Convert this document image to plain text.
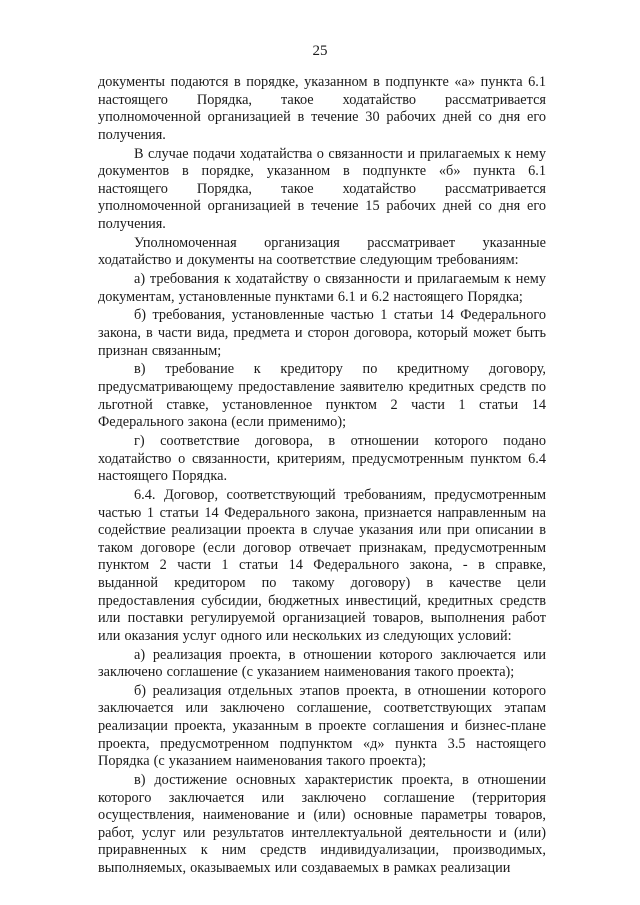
25

документы подаются в порядке, указанном в подпункте «а» пункта 6.1 настоящего Порядка, такое ходатайство рассматривается уполномоченной организацией в течение 30 рабочих дней со дня его получения.

В случае подачи ходатайства о связанности и прилагаемых к нему документов в порядке, указанном в подпункте «б» пункта 6.1 настоящего Порядка, такое ходатайство рассматривается уполномоченной организацией в течение 15 рабочих дней со дня его получения.

Уполномоченная организация рассматривает указанные ходатайство и документы на соответствие следующим требованиям:

а) требования к ходатайству о связанности и прилагаемым к нему документам, установленные пунктами 6.1 и 6.2 настоящего Порядка;

б) требования, установленные частью 1 статьи 14 Федерального закона, в части вида, предмета и сторон договора, который может быть признан связанным;

в) требование к кредитору по кредитному договору, предусматривающему предоставление заявителю кредитных средств по льготной ставке, установленное пунктом 2 части 1 статьи 14 Федерального закона (если применимо);

г) соответствие договора, в отношении которого подано ходатайство о связанности, критериям, предусмотренным пунктом 6.4 настоящего Порядка.

6.4. Договор, соответствующий требованиям, предусмотренным частью 1 статьи 14 Федерального закона, признается направленным на содействие реализации проекта в случае указания или при описании в таком договоре (если договор отвечает признакам, предусмотренным пунктом 2 части 1 статьи 14 Федерального закона, - в справке, выданной кредитором по такому договору) в качестве цели предоставления субсидии, бюджетных инвестиций, кредитных средств или поставки регулируемой организацией товаров, выполнения работ или оказания услуг одного или нескольких из следующих условий:

а) реализация проекта, в отношении которого заключается или заключено соглашение (с указанием наименования такого проекта);

б) реализация отдельных этапов проекта, в отношении которого заключается или заключено соглашение, соответствующих этапам реализации проекта, указанным в проекте соглашения и бизнес-плане проекта, предусмотренном подпунктом «д» пункта 3.5 настоящего Порядка (с указанием наименования такого проекта);

в) достижение основных характеристик проекта, в отношении которого заключается или заключено соглашение (территория осуществления, наименование и (или) основные параметры товаров, работ, услуг или результатов интеллектуальной деятельности и (или) приравненных к ним средств индивидуализации, производимых, выполняемых, оказываемых или создаваемых в рамках реализации
